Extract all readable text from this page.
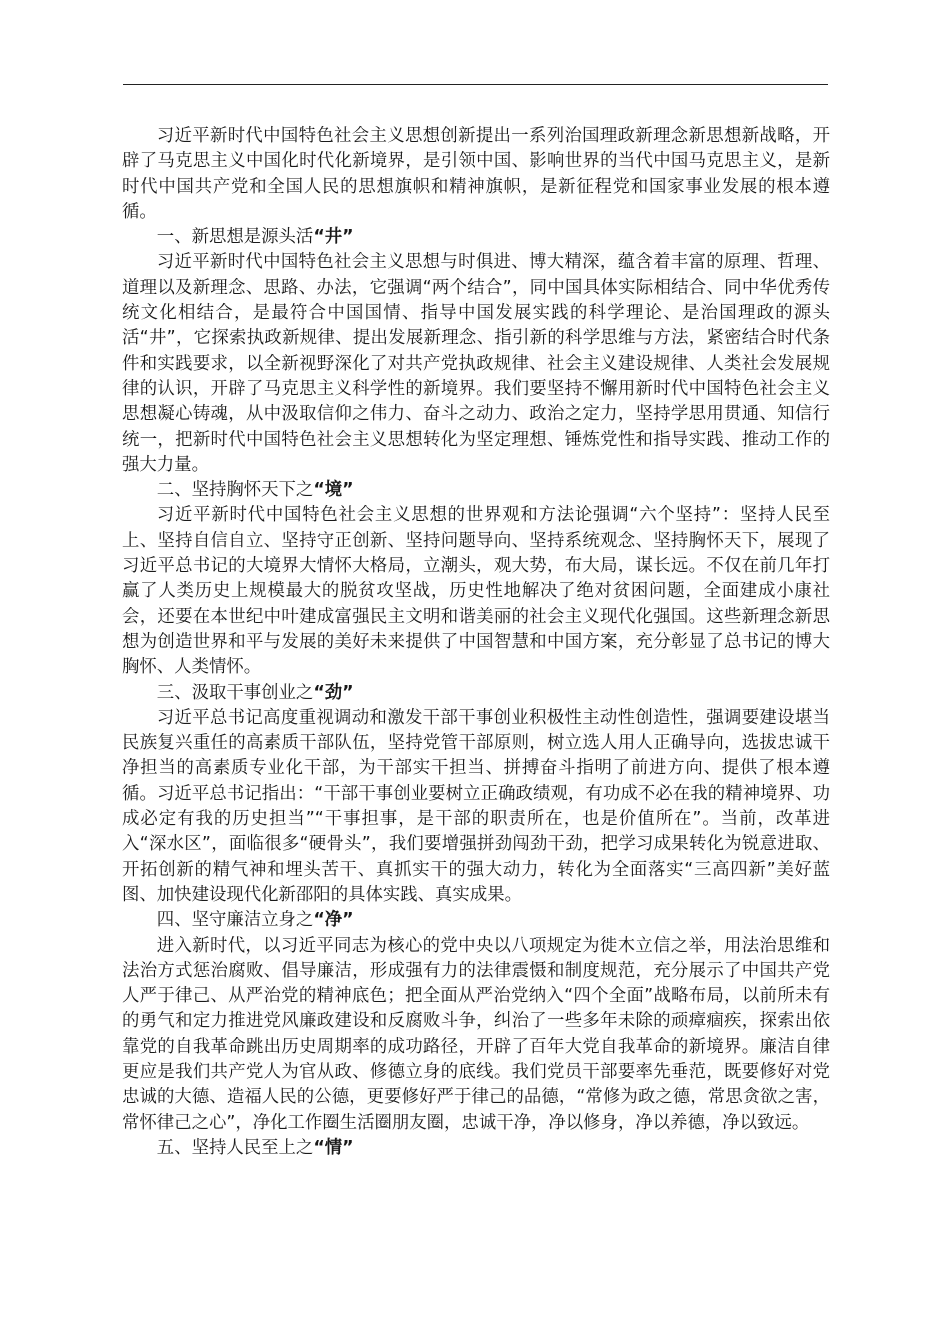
习近平新时代中国特色社会主义思想创新提出一系列治国理政新理念新思想新战略，开辟了马克思主义中国化时代化新境界，是引领中国、影响世界的当代中国马克思主义，是新时代中国共产党和全国人民的思想旗帜和精神旗帜，是新征程党和国家事业发展的根本遵循。

一、新思想是源头活“井”

习近平新时代中国特色社会主义思想与时俱进、博大精深，蕴含着丰富的原理、哲理、道理以及新理念、思路、办法，它强调“两个结合”，同中国具体实际相结合、同中华优秀传统文化相结合，是最符合中国国情、指导中国发展实践的科学理论、是治国理政的源头活“井”，它探索执政新规律、提出发展新理念、指引新的科学思维与方法，紧密结合时代条件和实践要求，以全新视野深化了对共产党执政规律、社会主义建设规律、人类社会发展规律的认识，开辟了马克思主义科学性的新境界。我们要坚持不懈用新时代中国特色社会主义思想凝心铸魂，从中汲取信仰之伟力、奋斗之动力、政治之定力，坚持学思用贯通、知信行统一，把新时代中国特色社会主义思想转化为坚定理想、锤炼党性和指导实践、推动工作的强大力量。

二、坚持胸怀天下之“境”

习近平新时代中国特色社会主义思想的世界观和方法论强调“六个坚持”：坚持人民至上、坚持自信自立、坚持守正创新、坚持问题导向、坚持系统观念、坚持胸怀天下，展现了习近平总书记的大境界大情怀大格局，立潮头，观大势，布大局，谋长远。不仅在前几年打赢了人类历史上规模最大的脱贫攻坚战，历史性地解决了绝对贫困问题，全面建成小康社会，还要在本世纪中叶建成富强民主文明和谐美丽的社会主义现代化强国。这些新理念新思想为创造世界和平与发展的美好未来提供了中国智慧和中国方案，充分彰显了总书记的博大胸怀、人类情怀。

三、汲取干事创业之“劲”

习近平总书记高度重视调动和激发干部干事创业积极性主动性创造性，强调要建设堪当民族复兴重任的高素质干部队伍，坚持党管干部原则，树立选人用人正确导向，选拔忠诚干净担当的高素质专业化干部，为干部实干担当、拼搏奋斗指明了前进方向、提供了根本遵循。习近平总书记指出：“干部干事创业要树立正确政绩观，有功成不必在我的精神境界、功成必定有我的历史担当”“干事担事，是干部的职责所在，也是价值所在”。当前，改革进入“深水区”，面临很多“硬骨头”，我们要增强拼劲闯劲干劲，把学习成果转化为锐意进取、开拓创新的精气神和埋头苦干、真抓实干的强大动力，转化为全面落实“三高四新”美好蓝图、加快建设现代化新邵阳的具体实践、真实成果。

四、坚守廉洁立身之“净”

进入新时代，以习近平同志为核心的党中央以八项规定为徙木立信之举，用法治思维和法治方式惩治腐败、倡导廉洁，形成强有力的法律震慑和制度规范，充分展示了中国共产党人严于律己、从严治党的精神底色；把全面从严治党纳入“四个全面”战略布局，以前所未有的勇气和定力推进党风廉政建设和反腐败斗争，纠治了一些多年未除的顽瘴痼疾，探索出依靠党的自我革命跳出历史周期率的成功路径，开辟了百年大党自我革命的新境界。廉洁自律更应是我们共产党人为官从政、修德立身的底线。我们党员干部要率先垂范，既要修好对党忠诚的大德、造福人民的公德，更要修好严于律己的品德，“常修为政之德，常思贪欲之害，常怀律己之心”，净化工作圈生活圈朋友圈，忠诚干净，净以修身，净以养德，净以致远。

五、坚持人民至上之“情”
